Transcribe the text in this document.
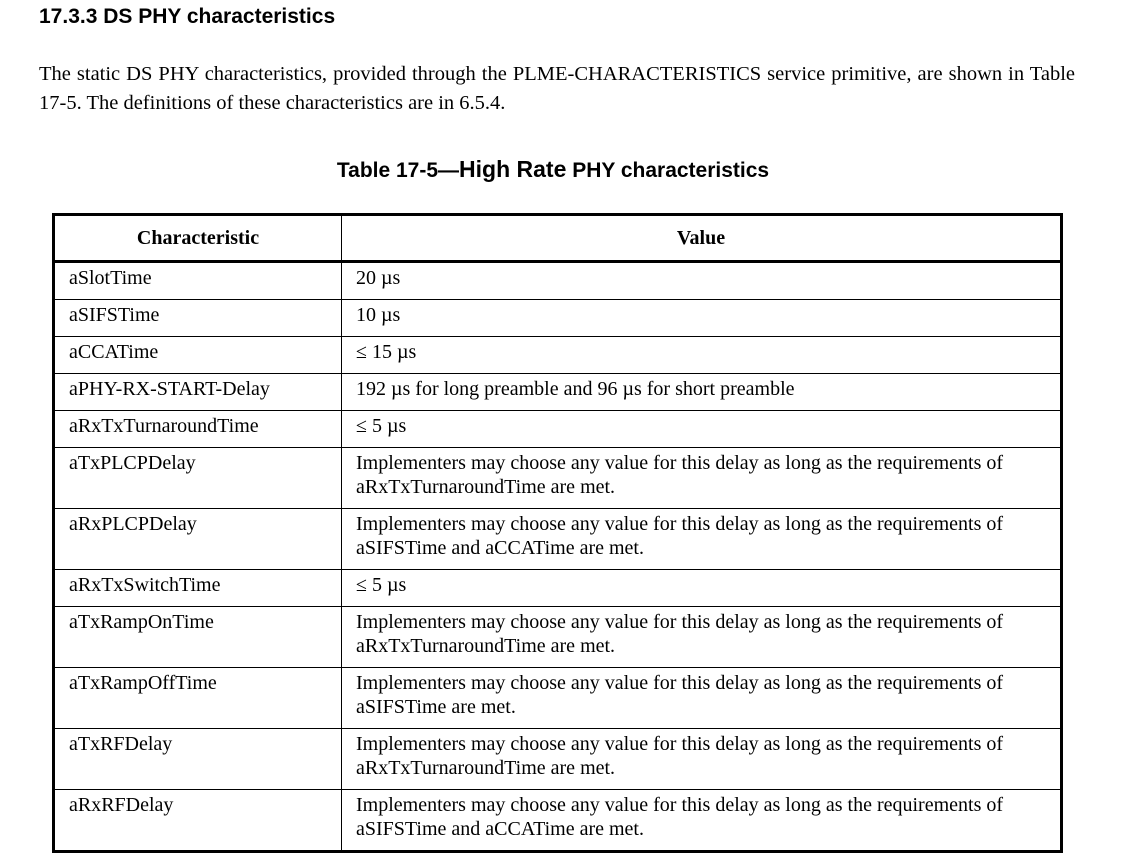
17.3.3 DS PHY characteristics

The static DS PHY characteristics, provided through the PLME-CHARACTERISTICS service primitive, are shown in Table 17-5. The definitions of these characteristics are in 6.5.4.

Table 17-5—High Rate PHY characteristics
Characteristic	Value
aSlotTime	20 µs
aSIFSTime	10 µs
aCCATime	≤ 15 µs
aPHY-RX-START-Delay	192 µs for long preamble and 96 µs for short preamble
aRxTxTurnaroundTime	≤ 5 µs
aTxPLCPDelay	Implementers may choose any value for this delay as long as the requirements of aRxTxTurnaroundTime are met.
aRxPLCPDelay	Implementers may choose any value for this delay as long as the requirements of aSIFSTime and aCCATime are met.
aRxTxSwitchTime	≤ 5 µs
aTxRampOnTime	Implementers may choose any value for this delay as long as the requirements of aRxTxTurnaroundTime are met.
aTxRampOffTime	Implementers may choose any value for this delay as long as the requirements of aSIFSTime are met.
aTxRFDelay	Implementers may choose any value for this delay as long as the requirements of aRxTxTurnaroundTime are met.
aRxRFDelay	Implementers may choose any value for this delay as long as the requirements of aSIFSTime and aCCATime are met.
